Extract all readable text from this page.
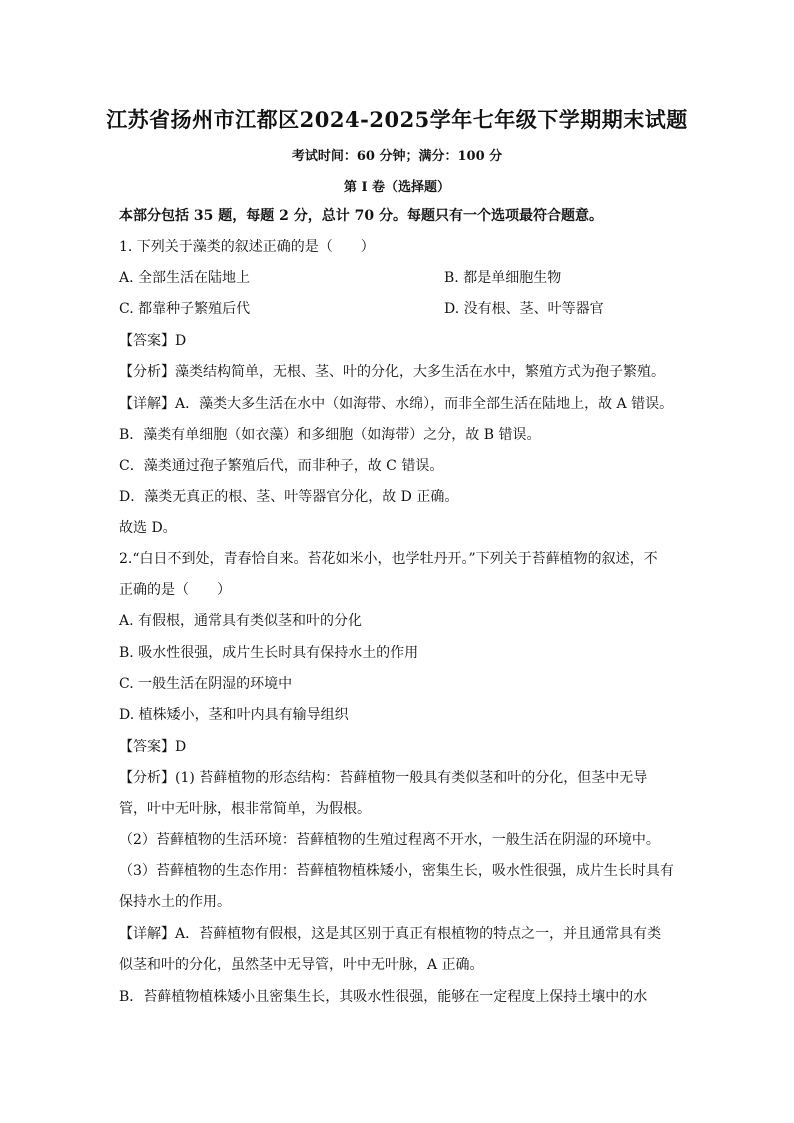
江苏省扬州市江都区2024-2025学年七年级下学期期末试题
考试时间：60 分钟；满分：100 分
第 I 卷（选择题）
本部分包括 35 题，每题 2 分，总计 70 分。每题只有一个选项最符合题意。
1. 下列关于藻类的叙述正确的是（　　）
A. 全部生活在陆地上	B. 都是单细胞生物
C. 都靠种子繁殖后代	D. 没有根、茎、叶等器官
【答案】D
【分析】藻类结构简单，无根、茎、叶的分化，大多生活在水中，繁殖方式为孢子繁殖。
【详解】A．藻类大多生活在水中（如海带、水绵），而非全部生活在陆地上，故 A 错误。
B．藻类有单细胞（如衣藻）和多细胞（如海带）之分，故 B 错误。
C．藻类通过孢子繁殖后代，而非种子，故 C 错误。
D．藻类无真正的根、茎、叶等器官分化，故 D 正确。
故选 D。
2.“白日不到处，青春恰自来。苔花如米小，也学牡丹开。”下列关于苔藓植物的叙述，不
正确的是（　　）
A. 有假根，通常具有类似茎和叶的分化
B. 吸水性很强，成片生长时具有保持水土的作用
C. 一般生活在阴湿的环境中
D. 植株矮小，茎和叶内具有输导组织
【答案】D
【分析】(1) 苔藓植物的形态结构：苔藓植物一般具有类似茎和叶的分化，但茎中无导
管，叶中无叶脉，根非常简单，为假根。
（2）苔藓植物的生活环境：苔藓植物的生殖过程离不开水，一般生活在阴湿的环境中。
（3）苔藓植物的生态作用：苔藓植物植株矮小，密集生长，吸水性很强，成片生长时具有
保持水土的作用。
【详解】A．苔藓植物有假根，这是其区别于真正有根植物的特点之一，并且通常具有类
似茎和叶的分化，虽然茎中无导管，叶中无叶脉，A 正确。
B．苔藓植物植株矮小且密集生长，其吸水性很强，能够在一定程度上保持土壤中的水
